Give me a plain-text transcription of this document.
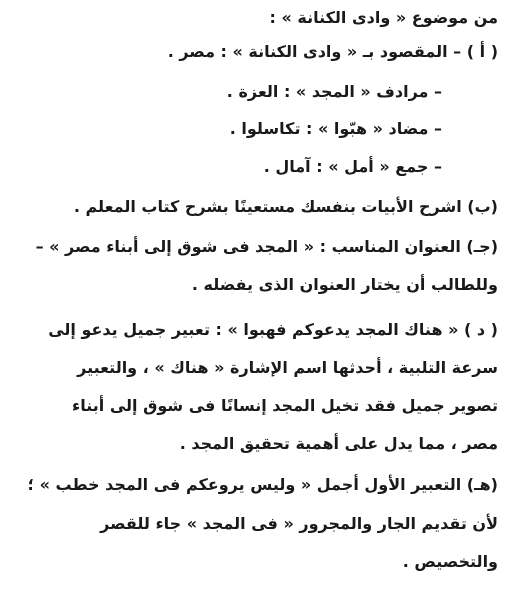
من موضوع « وادى الكنانة » :
( أ ) – المقصود بـ « وادى الكنانة » : مصر .
– مرادف « المجد » : العزة .
– مضاد « هبّوا » : تكاسلوا .
– جمع « أمل » : آمال .
(ب) اشرح الأبيات بنفسك مستعينًا بشرح كتاب المعلم .
(جـ) العنوان المناسب : « المجد فى شوق إلى أبناء مصر » –
وللطالب أن يختار العنوان الذى يفضله .
( د ) « هناك المجد يدعوكم فهبوا » : تعبير جميل يدعو إلى
سرعة التلبية ، أحدثها اسم الإشارة « هناك » ، والتعبير
تصوير جميل فقد تخيل المجد إنسانًا فى شوق إلى أبناء
مصر ، مما يدل على أهمية تحقيق المجد .
(هـ) التعبير الأول أجمل « وليس يروعكم فى المجد خطب » ؛
لأن تقديم الجار والمجرور « فى المجد » جاء للقصر
والتخصيص .
